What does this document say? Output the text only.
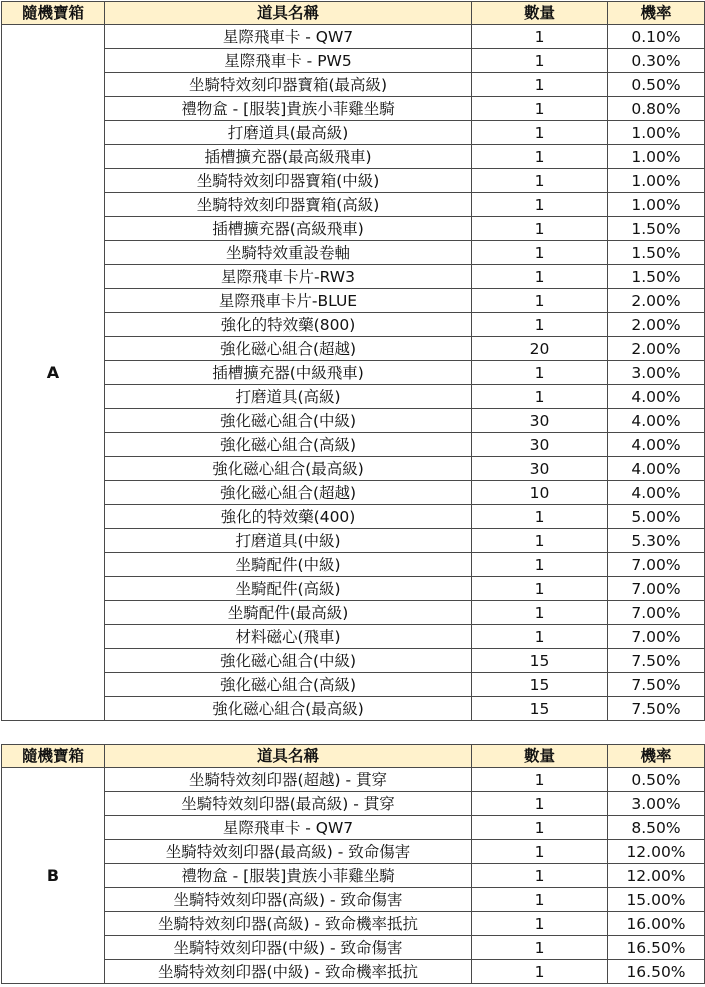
隨機寶箱	道具名稱	數量	機率
A	星際飛車卡 - QW7	1	0.10%
	星際飛車卡 - PW5	1	0.30%
	坐騎特效刻印器寶箱(最高級)	1	0.50%
	禮物盒 - [服裝]貴族小菲雞坐騎	1	0.80%
	打磨道具(最高級)	1	1.00%
	插槽擴充器(最高級飛車)	1	1.00%
	坐騎特效刻印器寶箱(中級)	1	1.00%
	坐騎特效刻印器寶箱(高級)	1	1.00%
	插槽擴充器(高級飛車)	1	1.50%
	坐騎特效重設卷軸	1	1.50%
	星際飛車卡片-RW3	1	1.50%
	星際飛車卡片-BLUE	1	2.00%
	強化的特效藥(800)	1	2.00%
	強化磁心組合(超越)	20	2.00%
	插槽擴充器(中級飛車)	1	3.00%
	打磨道具(高級)	1	4.00%
	強化磁心組合(中級)	30	4.00%
	強化磁心組合(高級)	30	4.00%
	強化磁心組合(最高級)	30	4.00%
	強化磁心組合(超越)	10	4.00%
	強化的特效藥(400)	1	5.00%
	打磨道具(中級)	1	5.30%
	坐騎配件(中級)	1	7.00%
	坐騎配件(高級)	1	7.00%
	坐騎配件(最高級)	1	7.00%
	材料磁心(飛車)	1	7.00%
	強化磁心組合(中級)	15	7.50%
	強化磁心組合(高級)	15	7.50%
	強化磁心組合(最高級)	15	7.50%
隨機寶箱	道具名稱	數量	機率
B	坐騎特效刻印器(超越) - 貫穿	1	0.50%
	坐騎特效刻印器(最高級) - 貫穿	1	3.00%
	星際飛車卡 - QW7	1	8.50%
	坐騎特效刻印器(最高級) - 致命傷害	1	12.00%
	禮物盒 - [服裝]貴族小菲雞坐騎	1	12.00%
	坐騎特效刻印器(高級) - 致命傷害	1	15.00%
	坐騎特效刻印器(高級) - 致命機率抵抗	1	16.00%
	坐騎特效刻印器(中級) - 致命傷害	1	16.50%
	坐騎特效刻印器(中級) - 致命機率抵抗	1	16.50%
